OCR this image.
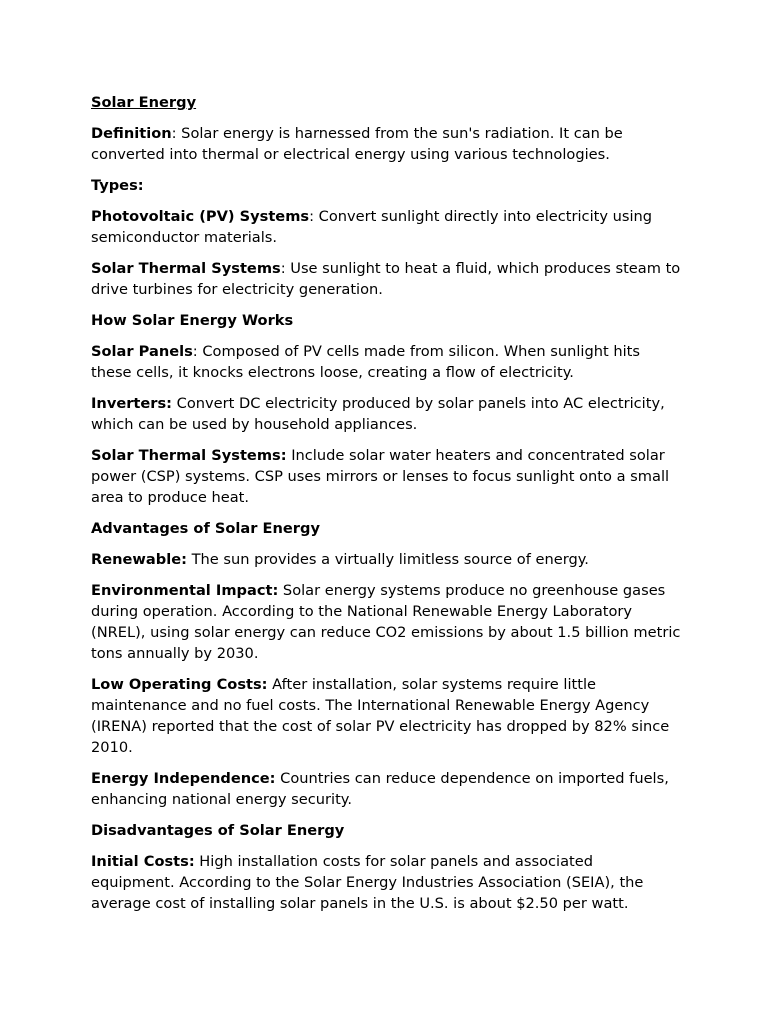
Solar Energy

Definition: Solar energy is harnessed from the sun's radiation. It can be converted into thermal or electrical energy using various technologies.

Types:

Photovoltaic (PV) Systems: Convert sunlight directly into electricity using semiconductor materials.

Solar Thermal Systems: Use sunlight to heat a fluid, which produces steam to drive turbines for electricity generation.

How Solar Energy Works

Solar Panels: Composed of PV cells made from silicon. When sunlight hits these cells, it knocks electrons loose, creating a flow of electricity.

Inverters: Convert DC electricity produced by solar panels into AC electricity, which can be used by household appliances.

Solar Thermal Systems: Include solar water heaters and concentrated solar power (CSP) systems. CSP uses mirrors or lenses to focus sunlight onto a small area to produce heat.

Advantages of Solar Energy

Renewable: The sun provides a virtually limitless source of energy.

Environmental Impact: Solar energy systems produce no greenhouse gases during operation. According to the National Renewable Energy Laboratory (NREL), using solar energy can reduce CO2 emissions by about 1.5 billion metric tons annually by 2030.

Low Operating Costs: After installation, solar systems require little maintenance and no fuel costs. The International Renewable Energy Agency (IRENA) reported that the cost of solar PV electricity has dropped by 82% since 2010.

Energy Independence: Countries can reduce dependence on imported fuels, enhancing national energy security.

Disadvantages of Solar Energy

Initial Costs: High installation costs for solar panels and associated equipment. According to the Solar Energy Industries Association (SEIA), the average cost of installing solar panels in the U.S. is about $2.50 per watt.
